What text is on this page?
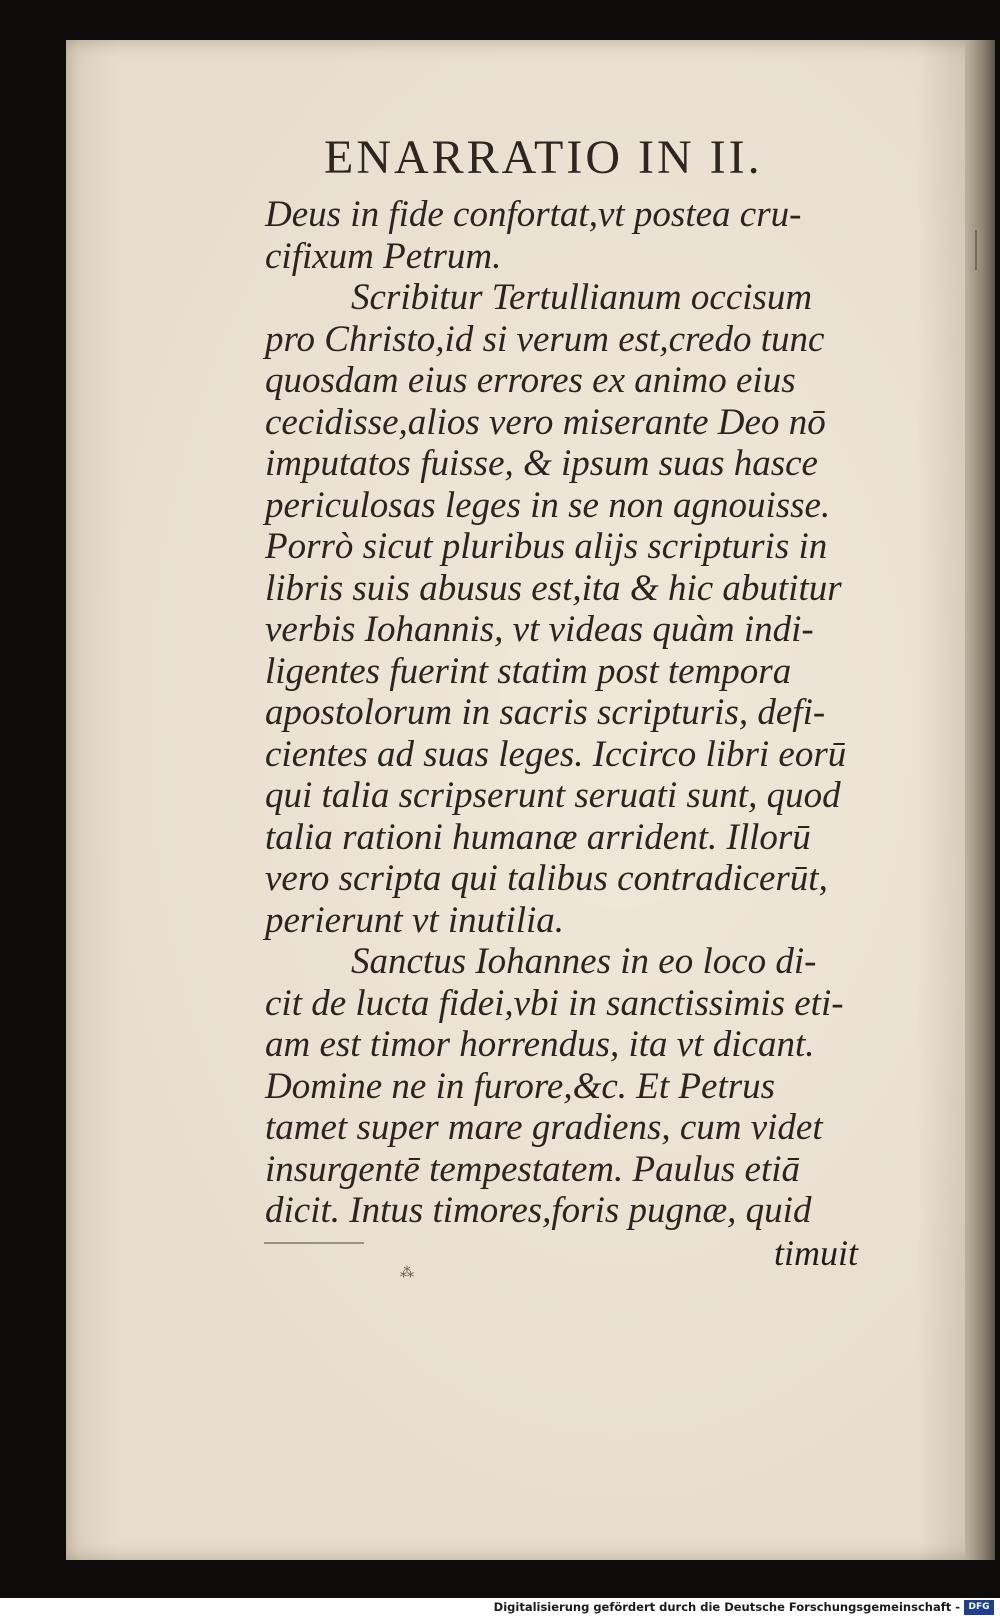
ENARRATIO IN II.
Deus in fide confortat,vt postea cru-
cifixum Petrum.
Scribitur Tertullianum occisum
pro Christo,id si verum est,credo tunc
quosdam eius errores ex animo eius
cecidisse,alios vero miserante Deo nō
imputatos fuisse, & ipsum suas hasce
periculosas leges in se non agnouisse.
Porrò sicut pluribus alijs scripturis in
libris suis abusus est,ita & hic abutitur
verbis Iohannis, vt videas quàm indi-
ligentes fuerint statim post tempora
apostolorum in sacris scripturis, defi-
cientes ad suas leges. Iccirco libri eorū
qui talia scripserunt seruati sunt, quod
talia rationi humanæ arrident. Illorū
vero scripta qui talibus contradicerūt,
perierunt vt inutilia.
Sanctus Iohannes in eo loco di-
cit de lucta fidei,vbi in sanctissimis eti-
am est timor horrendus, ita vt dicant.
Domine ne in furore,&c. Et Petrus
tamet super mare gradiens, cum videt
insurgentē tempestatem. Paulus etiā
dicit. Intus timores,foris pugnæ, quid
timuit
⁂
Digitalisierung gefördert durch die Deutsche Forschungsgemeinschaft - DFG
